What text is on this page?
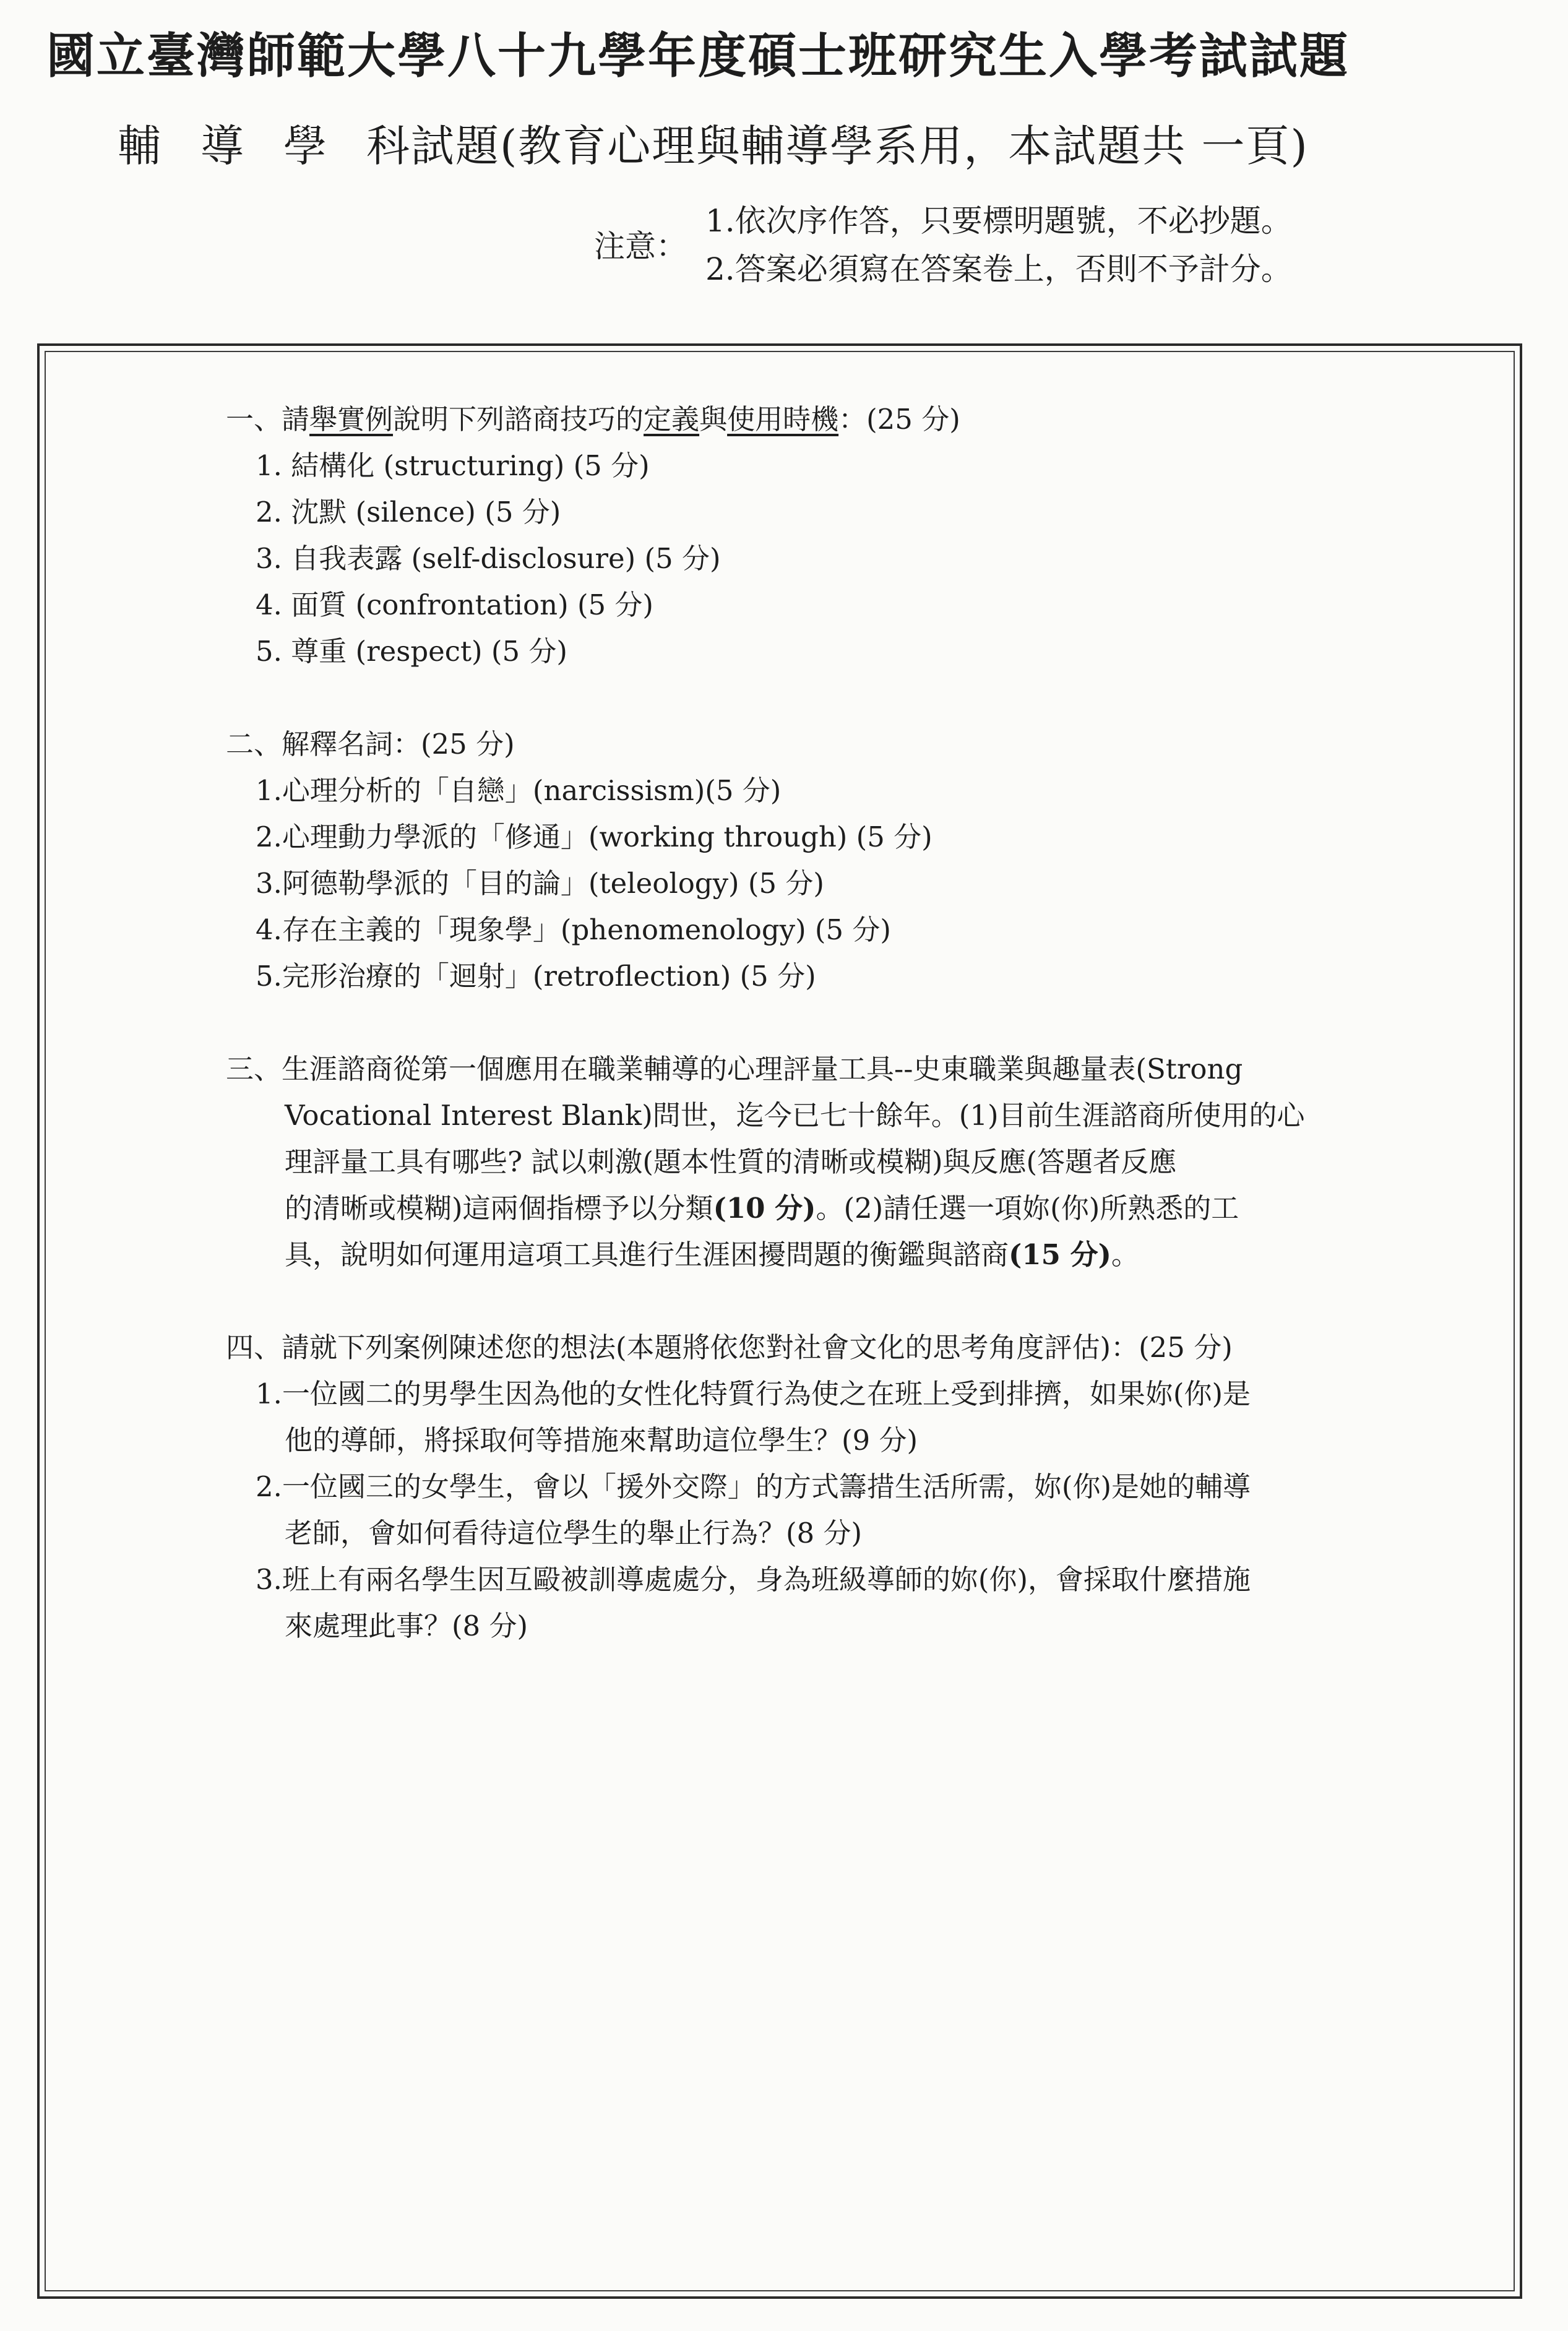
國立臺灣師範大學八十九學年度碩士班研究生入學考試試題
輔導學科試題(教育心理與輔導學系用，本試題共 一頁)
注意：
1.依次序作答，只要標明題號，不必抄題。
2.答案必須寫在答案卷上，否則不予計分。
一、請舉實例說明下列諮商技巧的定義與使用時機：(25 分)
1. 結構化 (structuring) (5 分)
2. 沈默 (silence) (5 分)
3. 自我表露 (self-disclosure) (5 分)
4. 面質 (confrontation) (5 分)
5. 尊重 (respect) (5 分)
二、解釋名詞：(25 分)
1.心理分析的「自戀」(narcissism)(5 分)
2.心理動力學派的「修通」(working through) (5 分)
3.阿德勒學派的「目的論」(teleology) (5 分)
4.存在主義的「現象學」(phenomenology) (5 分)
5.完形治療的「迴射」(retroflection) (5 分)
三、生涯諮商從第一個應用在職業輔導的心理評量工具--史東職業與趣量表(Strong
Vocational Interest Blank)問世，迄今已七十餘年。(1)目前生涯諮商所使用的心
理評量工具有哪些? 試以刺激(題本性質的清晰或模糊)與反應(答題者反應
的清晰或模糊)這兩個指標予以分類(10 分)。(2)請任選一項妳(你)所熟悉的工
具，說明如何運用這項工具進行生涯困擾問題的衡鑑與諮商(15 分)。
四、請就下列案例陳述您的想法(本題將依您對社會文化的思考角度評估)：(25 分)
1.一位國二的男學生因為他的女性化特質行為使之在班上受到排擠，如果妳(你)是
他的導師，將採取何等措施來幫助這位學生？(9 分)
2.一位國三的女學生，會以「援外交際」的方式籌措生活所需，妳(你)是她的輔導
老師，會如何看待這位學生的舉止行為？(8 分)
3.班上有兩名學生因互毆被訓導處處分，身為班級導師的妳(你)，會採取什麼措施
來處理此事？(8 分)
